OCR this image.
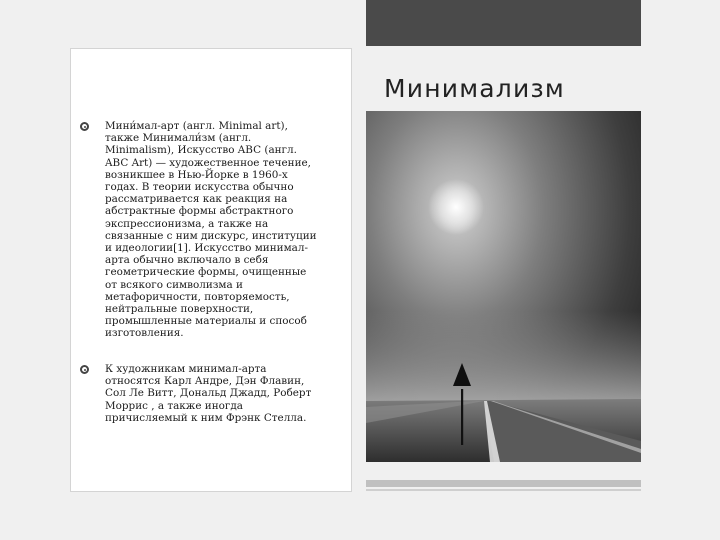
Мини́мал-арт (англ. Minimal art), также Минимали́зм (англ. Minimalism), Искусство ABC (англ. ABC Art) — художественное течение, возникшее в Нью-Йорке в 1960-х годах. В теории искусства обычно рассматривается как реакция на абстрактные формы абстрактного экспрессионизма, а также на связанные с ним дискурс, институции и идеологии[1]. Искусство минимал-арта обычно включало в себя геометрические формы, очищенные от всякого символизма и метафоричности, повторяемость, нейтральные поверхности, промышленные материалы и способ изготовления.
К художникам минимал-арта относятся Карл Андре, Дэн Флавин, Сол Ле Витт, Дональд Джадд, Роберт Моррис , а также иногда причисляемый к ним Фрэнк Стелла.
Минимализм
